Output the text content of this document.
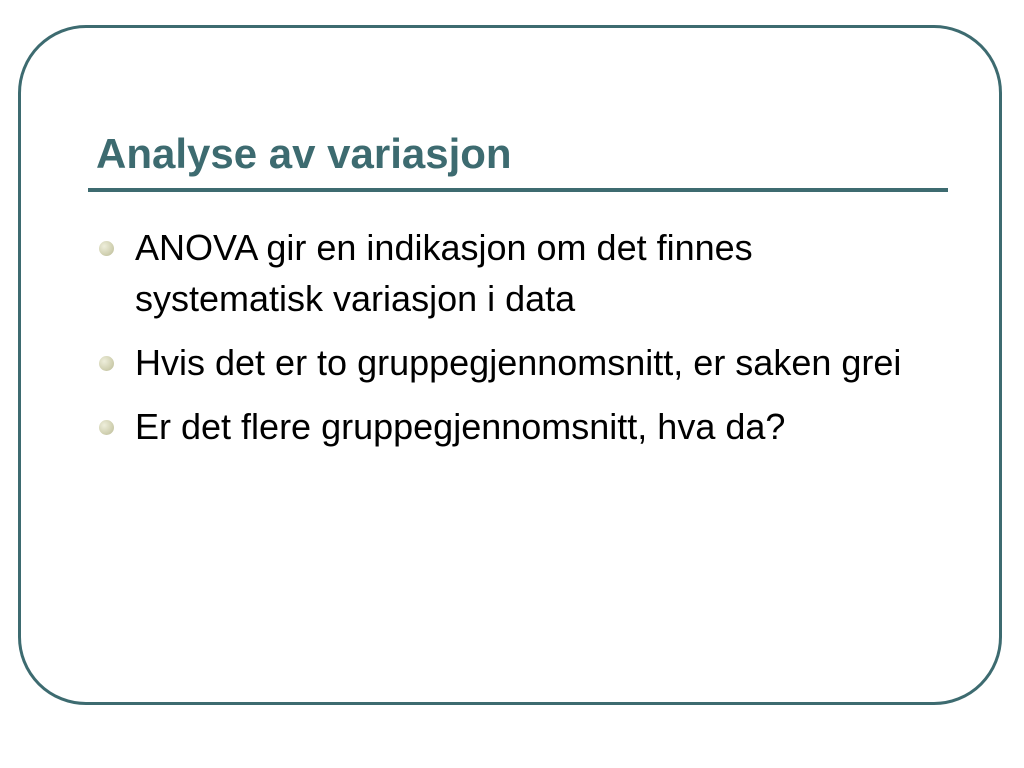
Analyse av variasjon
ANOVA gir en indikasjon om det finnes systematisk variasjon i data
Hvis det er to gruppegjennomsnitt, er saken grei
Er det flere gruppegjennomsnitt, hva da?
